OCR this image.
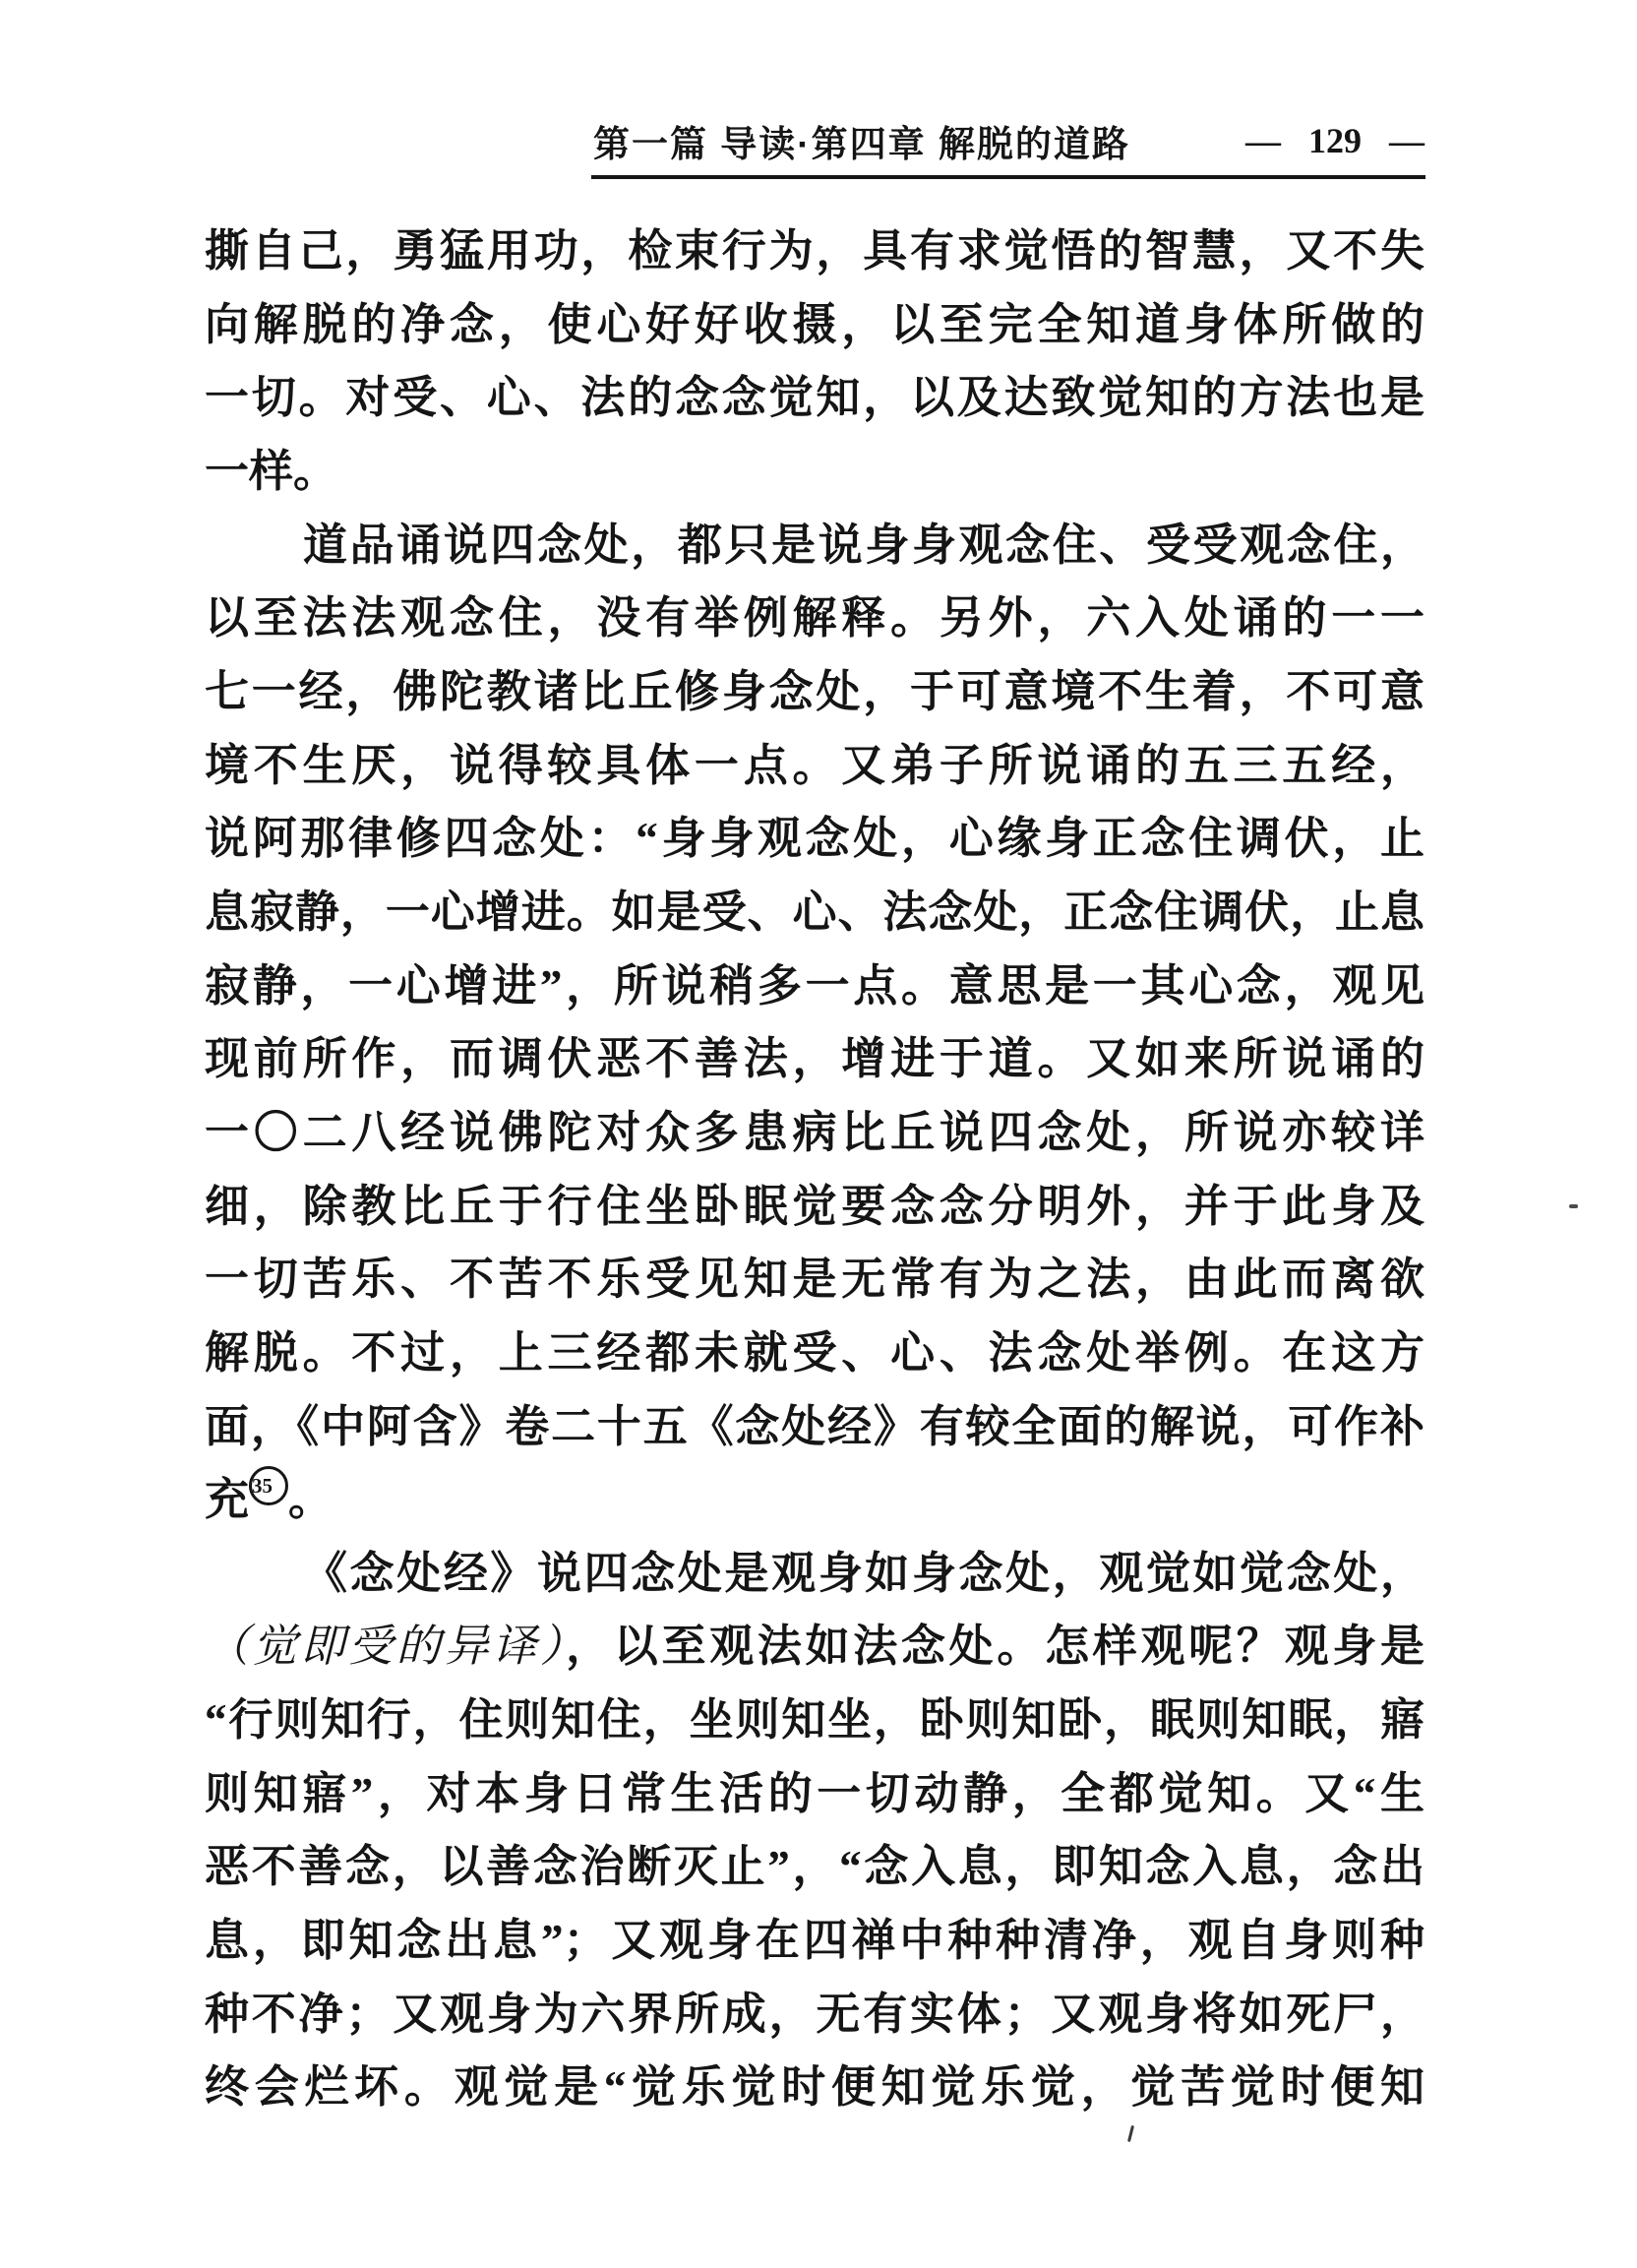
第一篇 导读·第四章 解脱的道路	— 129 —
撕自己，勇猛用功，检束行为，具有求觉悟的智慧，又不失
向解脱的净念，使心好好收摄，以至完全知道身体所做的
一切。对受、心、法的念念觉知，以及达致觉知的方法也是
一样。
道品诵说四念处，都只是说身身观念住、受受观念住，
以至法法观念住，没有举例解释。另外，六入处诵的一一
七一经，佛陀教诸比丘修身念处，于可意境不生着，不可意
境不生厌，说得较具体一点。又弟子所说诵的五三五经，
说阿那律修四念处：“身身观念处，心缘身正念住调伏，止
息寂静，一心增进。如是受、心、法念处，正念住调伏，止息
寂静，一心增进”，所说稍多一点。意思是一其心念，观见
现前所作，而调伏恶不善法，增进于道。又如来所说诵的
一〇二八经说佛陀对众多患病比丘说四念处，所说亦较详
细，除教比丘于行住坐卧眠觉要念念分明外，并于此身及
一切苦乐、不苦不乐受见知是无常有为之法，由此而离欲
解脱。不过，上三经都未就受、心、法念处举例。在这方
面，《中阿含》卷二十五《念处经》有较全面的解说，可作补
充 35 。
《念处经》说四念处是观身如身念处，观觉如觉念处，
（觉即受的异译），以至观法如法念处。怎样观呢？观身是
“行则知行，住则知住，坐则知坐，卧则知卧，眠则知眠，寤
则知寤”，对本身日常生活的一切动静，全都觉知。又“生
恶不善念，以善念治断灭止”，“念入息，即知念入息，念出
息，即知念出息”；又观身在四禅中种种清净，观自身则种
种不净；又观身为六界所成，无有实体；又观身将如死尸，
终会烂坏。观觉是“觉乐觉时便知觉乐觉，觉苦觉时便知
